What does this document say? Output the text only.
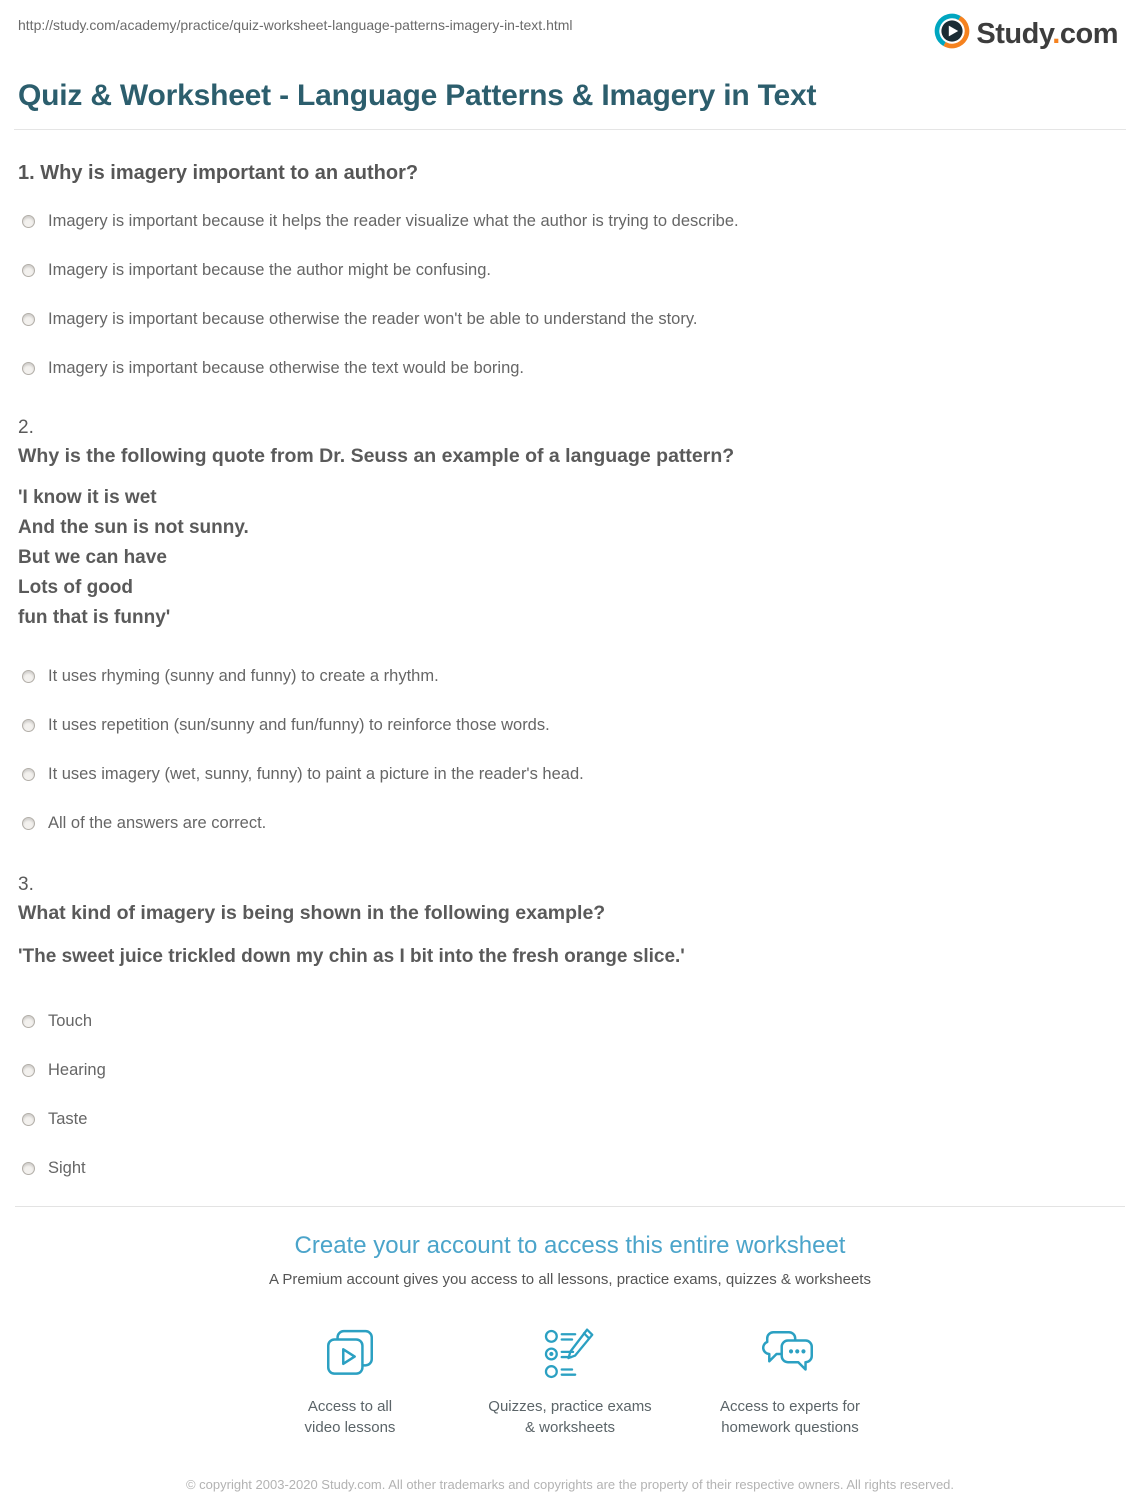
http://study.com/academy/practice/quiz-worksheet-language-patterns-imagery-in-text.html	Study.com
Quiz & Worksheet - Language Patterns & Imagery in Text
1. Why is imagery important to an author?
Imagery is important because it helps the reader visualize what the author is trying to describe.
Imagery is important because the author might be confusing.
Imagery is important because otherwise the reader won't be able to understand the story.
Imagery is important because otherwise the text would be boring.
2.
Why is the following quote from Dr. Seuss an example of a language pattern?
'I know it is wet
And the sun is not sunny.
But we can have
Lots of good
fun that is funny'
It uses rhyming (sunny and funny) to create a rhythm.
It uses repetition (sun/sunny and fun/funny) to reinforce those words.
It uses imagery (wet, sunny, funny) to paint a picture in the reader's head.
All of the answers are correct.
3.
What kind of imagery is being shown in the following example?
'The sweet juice trickled down my chin as I bit into the fresh orange slice.'
Touch
Hearing
Taste
Sight
Create your account to access this entire worksheet

A Premium account gives you access to all lessons, practice exams, quizzes & worksheets

Access to all
video lessons
Quizzes, practice exams
& worksheets
Access to experts for
homework questions

© copyright 2003-2020 Study.com. All other trademarks and copyrights are the property of their respective owners. All rights reserved.
